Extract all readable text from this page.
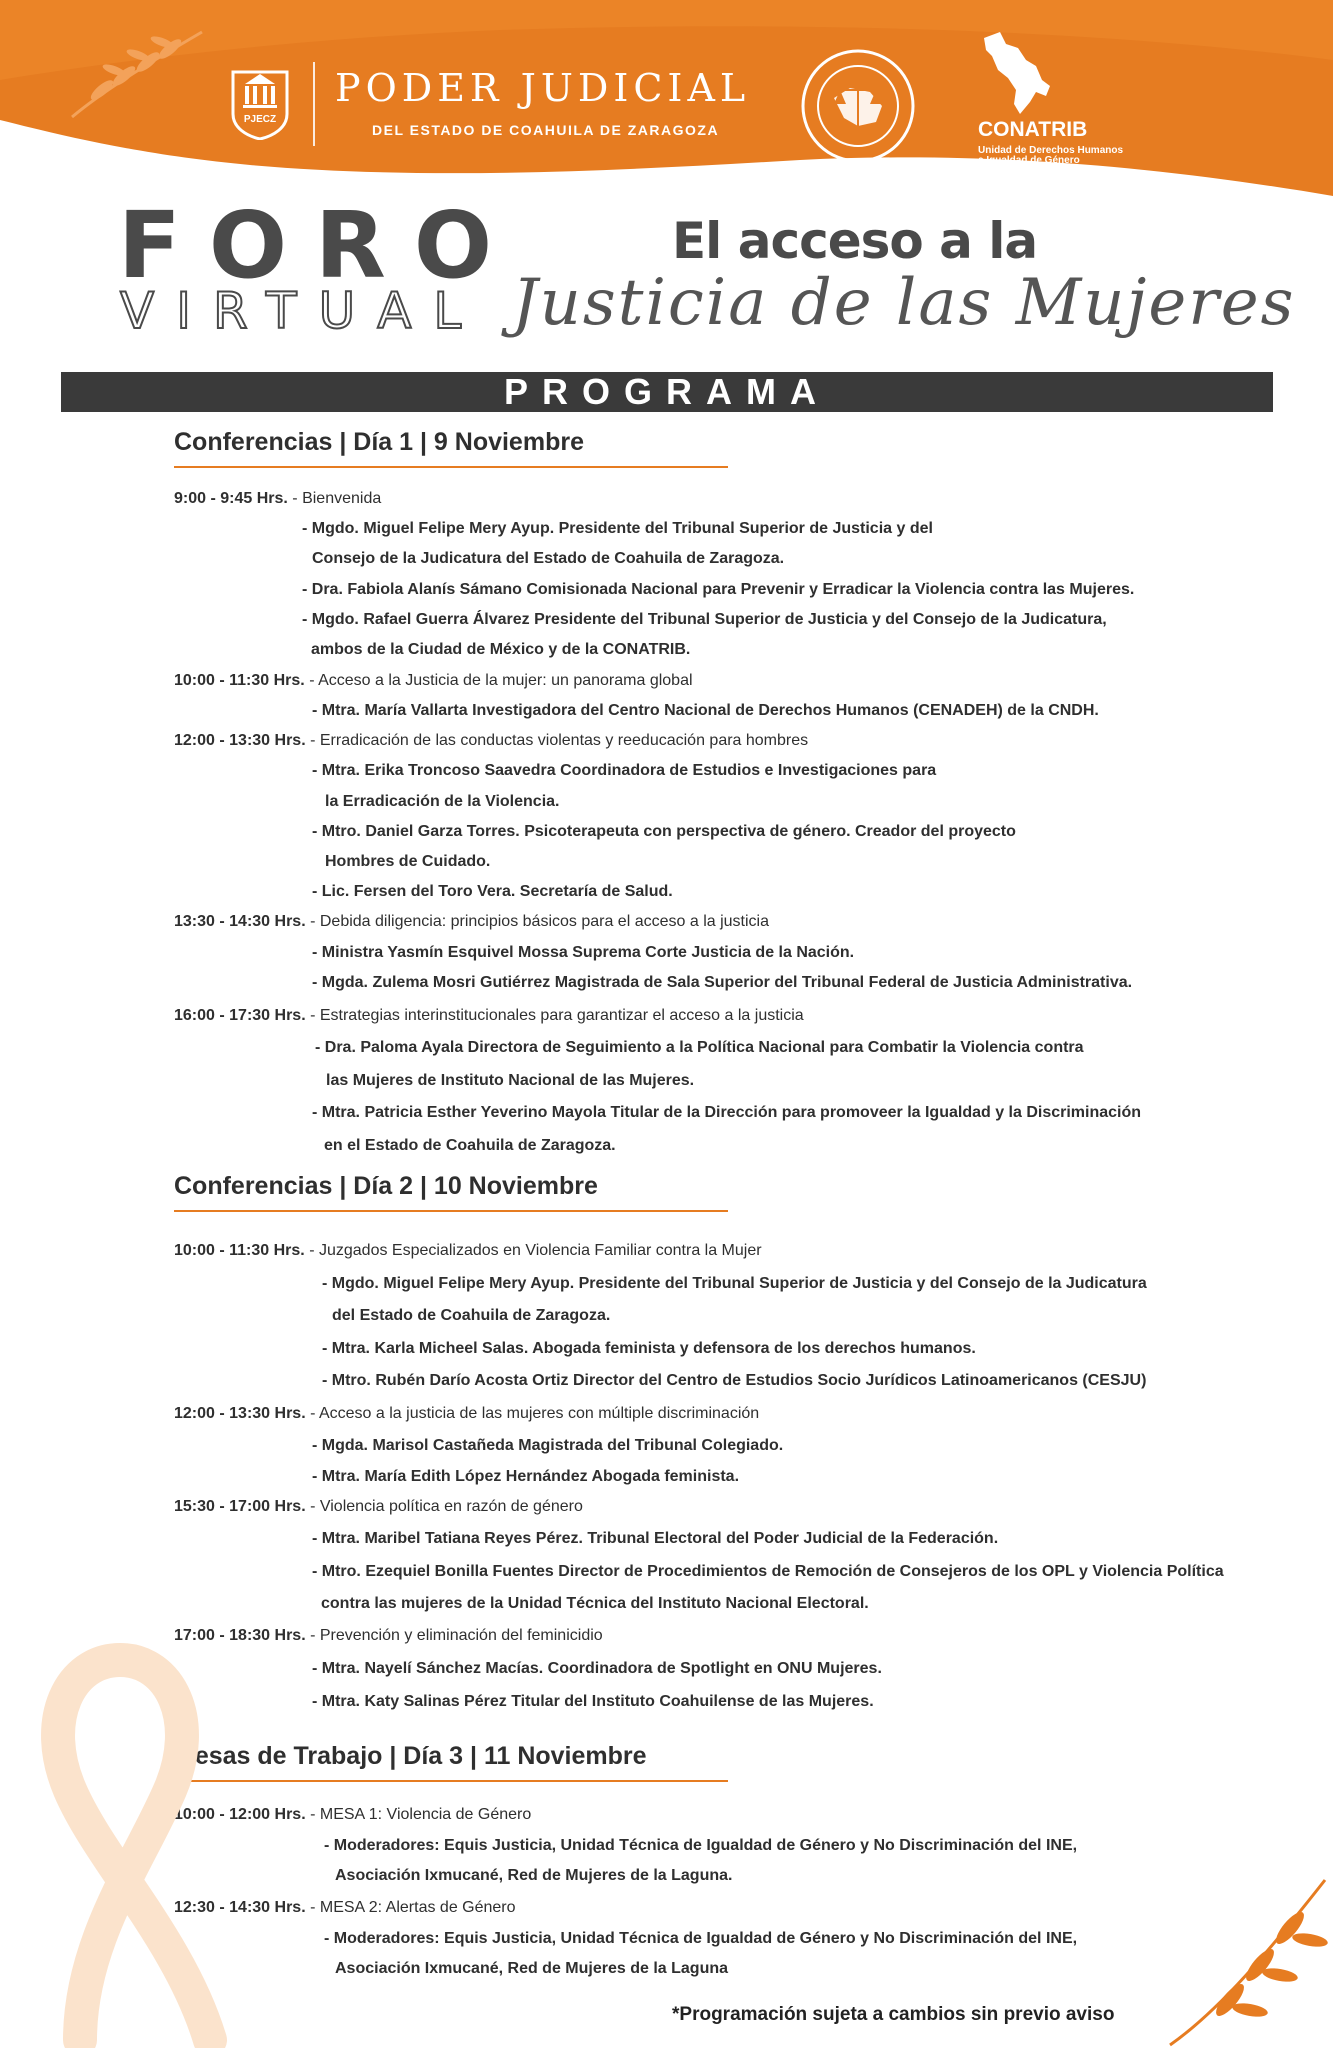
PJECZ
PODER JUDICIAL
DEL ESTADO DE COAHUILA DE ZARAGOZA	CONATRIB
Unidad de Derechos Humanos
e Igualdad de Género
FORO
VIRTUAL
El acceso a la
Justicia de las Mujeres
PROGRAMA
Conferencias | Día 1 | 9 Noviembre
9:00 - 9:45 Hrs. - Bienvenida
- Mgdo. Miguel Felipe Mery Ayup. Presidente del Tribunal Superior de Justicia y del
Consejo de la Judicatura del Estado de Coahuila de Zaragoza.
- Dra. Fabiola Alanís Sámano Comisionada Nacional para Prevenir y Erradicar la Violencia contra las Mujeres.
- Mgdo. Rafael Guerra Álvarez Presidente del Tribunal Superior de Justicia y del Consejo de la Judicatura,
ambos de la Ciudad de México y de la CONATRIB.
10:00 - 11:30 Hrs. - Acceso a la Justicia de la mujer: un panorama global
- Mtra. María Vallarta Investigadora del Centro Nacional de Derechos Humanos (CENADEH) de la CNDH.
12:00 - 13:30 Hrs. - Erradicación de las conductas violentas y reeducación para hombres
- Mtra. Erika Troncoso Saavedra Coordinadora de Estudios e Investigaciones para
la Erradicación de la Violencia.
- Mtro. Daniel Garza Torres. Psicoterapeuta con perspectiva de género. Creador del proyecto
Hombres de Cuidado.
- Lic. Fersen del Toro Vera. Secretaría de Salud.
13:30 - 14:30 Hrs. - Debida diligencia: principios básicos para el acceso a la justicia
- Ministra Yasmín Esquivel Mossa Suprema Corte Justicia de la Nación.
- Mgda. Zulema Mosri Gutiérrez Magistrada de Sala Superior del Tribunal Federal de Justicia Administrativa.
16:00 - 17:30 Hrs. - Estrategias interinstitucionales para garantizar el acceso a la justicia
- Dra. Paloma Ayala Directora de Seguimiento a la Política Nacional para Combatir la Violencia contra
las Mujeres de Instituto Nacional de las Mujeres.
- Mtra. Patricia Esther Yeverino Mayola Titular de la Dirección para promoveer la Igualdad y la Discriminación
en el Estado de Coahuila de Zaragoza.
Conferencias | Día 2 | 10 Noviembre
10:00 - 11:30 Hrs. - Juzgados Especializados en Violencia Familiar contra la Mujer
- Mgdo. Miguel Felipe Mery Ayup. Presidente del Tribunal Superior de Justicia y del Consejo de la Judicatura
del Estado de Coahuila de Zaragoza.
- Mtra. Karla Micheel Salas. Abogada feminista y defensora de los derechos humanos.
- Mtro. Rubén Darío Acosta Ortiz Director del Centro de Estudios Socio Jurídicos Latinoamericanos (CESJU)
12:00 - 13:30 Hrs. - Acceso a la justicia de las mujeres con múltiple discriminación
- Mgda. Marisol Castañeda Magistrada del Tribunal Colegiado.
- Mtra. María Edith López Hernández Abogada feminista.
15:30 - 17:00 Hrs. - Violencia política en razón de género
- Mtra. Maribel Tatiana Reyes Pérez. Tribunal Electoral del Poder Judicial de la Federación.
- Mtro. Ezequiel Bonilla Fuentes Director de Procedimientos de Remoción de Consejeros de los OPL y Violencia Política
contra las mujeres de la Unidad Técnica del Instituto Nacional Electoral.
17:00 - 18:30 Hrs. - Prevención y eliminación del feminicidio
- Mtra. Nayelí Sánchez Macías. Coordinadora de Spotlight en ONU Mujeres.
- Mtra. Katy Salinas Pérez Titular del Instituto Coahuilense de las Mujeres.
Mesas de Trabajo | Día 3 | 11 Noviembre
10:00 - 12:00 Hrs. - MESA 1: Violencia de Género
- Moderadores: Equis Justicia, Unidad Técnica de Igualdad de Género y No Discriminación del INE,
Asociación Ixmucané, Red de Mujeres de la Laguna.
12:30 - 14:30 Hrs. - MESA 2: Alertas de Género
- Moderadores: Equis Justicia, Unidad Técnica de Igualdad de Género y No Discriminación del INE,
Asociación Ixmucané, Red de Mujeres de la Laguna
*Programación sujeta a cambios sin previo aviso
